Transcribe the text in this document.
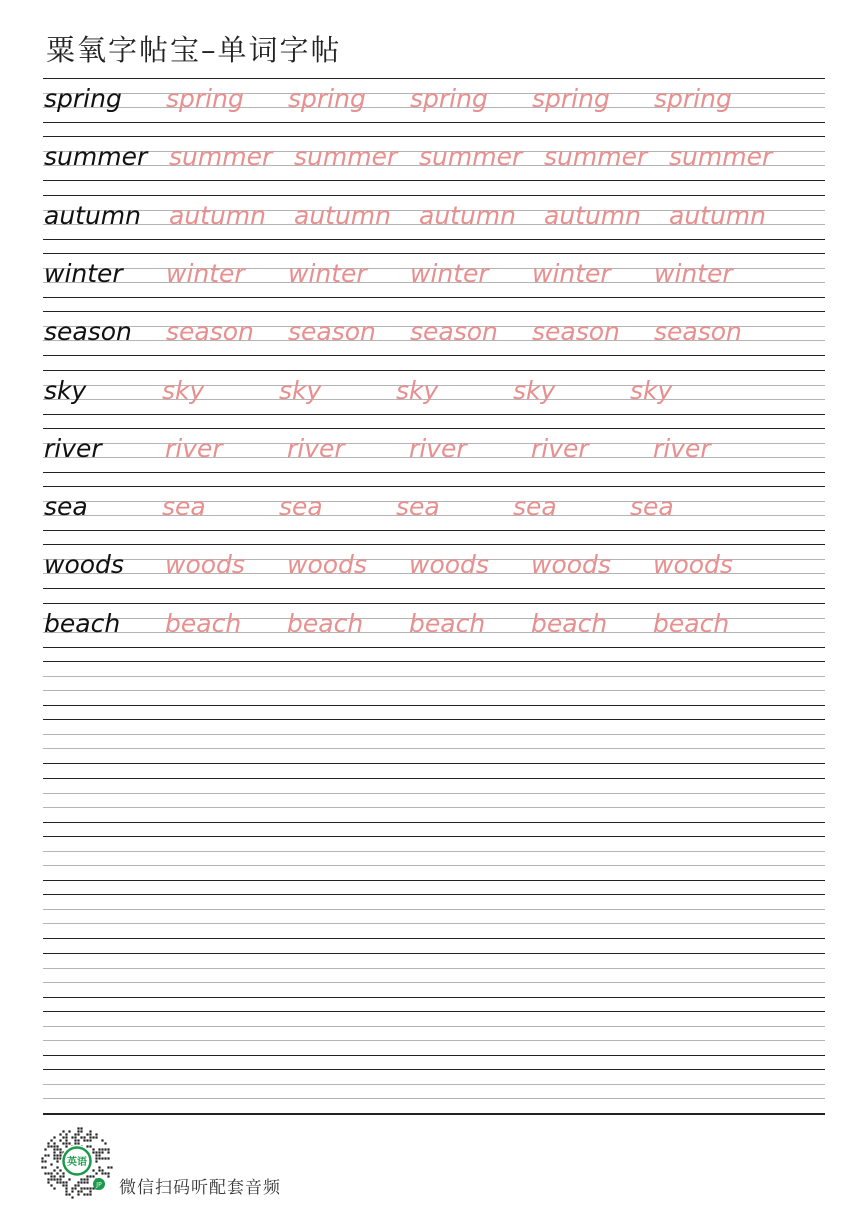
粟氧字帖宝–单词字帖
spring spring spring spring spring spring
summer summer summer summer summer summer
autumn autumn autumn autumn autumn autumn
winter winter winter winter winter winter
season season season season season season
sky	sky	sky	sky	sky	sky
river	river	river	river	river	river
sea	sea	sea	sea	sea	sea
woods woods woods woods woods woods
beach beach beach beach beach beach
英语
JP 微信扫码听配套音频
